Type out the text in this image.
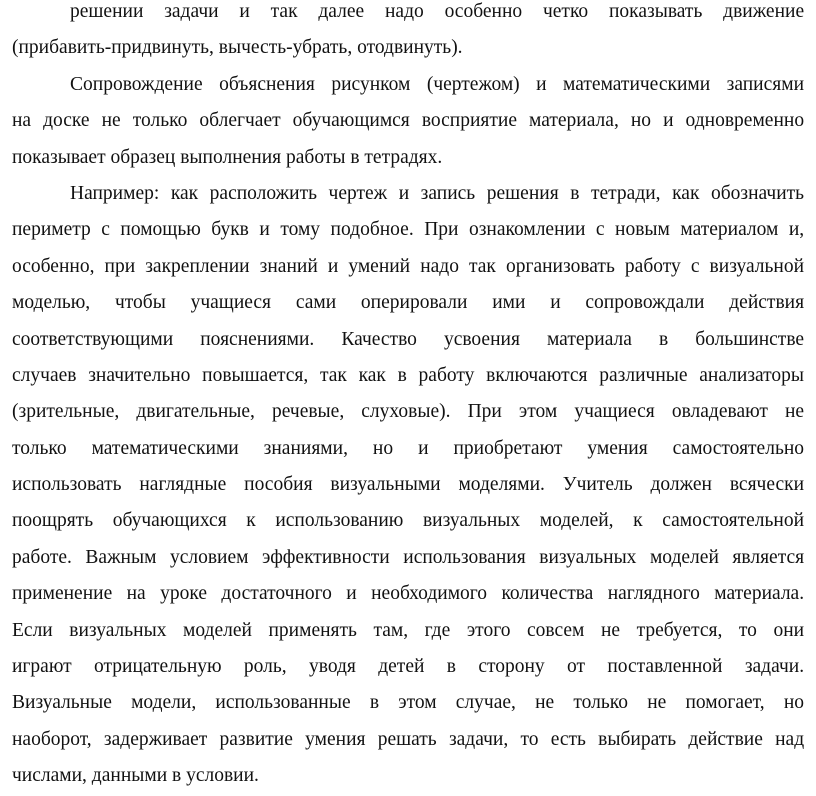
решении задачи и так далее надо особенно четко показывать движение
(прибавить-придвинуть, вычесть-убрать, отодвинуть).
Сопровождение объяснения рисунком (чертежом) и математическими записями
на доске не только облегчает обучающимся восприятие материала, но и одновременно
показывает образец выполнения работы в тетрадях.
Например: как расположить чертеж и запись решения в тетради, как обозначить
периметр с помощью букв и тому подобное. При ознакомлении с новым материалом и,
особенно, при закреплении знаний и умений надо так организовать работу с визуальной
моделью, чтобы учащиеся сами оперировали ими и сопровождали действия
соответствующими пояснениями. Качество усвоения материала в большинстве
случаев значительно повышается, так как в работу включаются различные анализаторы
(зрительные, двигательные, речевые, слуховые). При этом учащиеся овладевают не
только математическими знаниями, но и приобретают умения самостоятельно
использовать наглядные пособия визуальными моделями. Учитель должен всячески
поощрять обучающихся к использованию визуальных моделей, к самостоятельной
работе. Важным условием эффективности использования визуальных моделей является
применение на уроке достаточного и необходимого количества наглядного материала.
Если визуальных моделей применять там, где этого совсем не требуется, то они
играют отрицательную роль, уводя детей в сторону от поставленной задачи.
Визуальные модели, использованные в этом случае, не только не помогает, но
наоборот, задерживает развитие умения решать задачи, то есть выбирать действие над
числами, данными в условии.
